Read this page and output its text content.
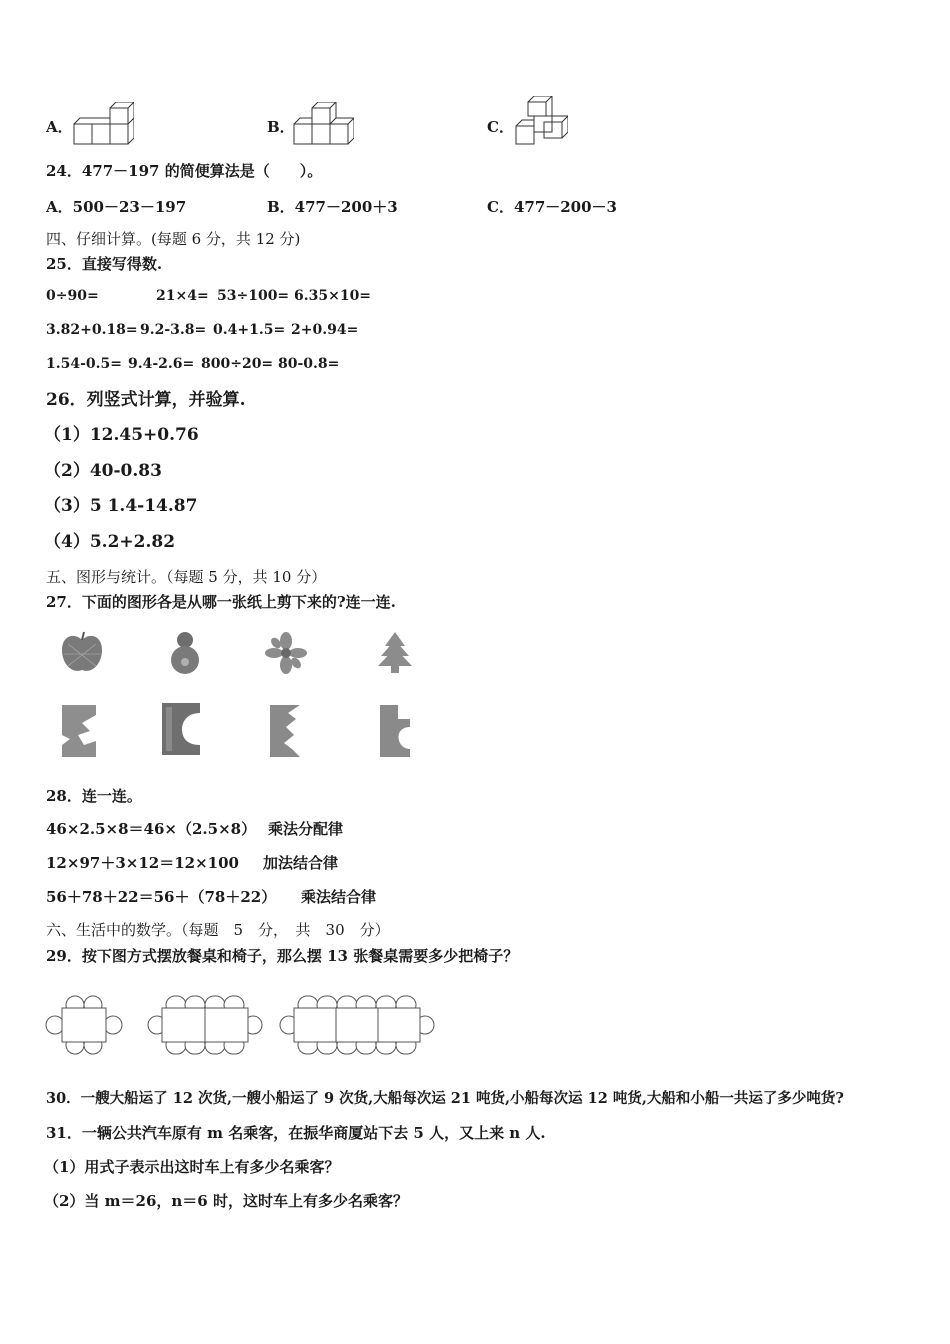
A．	B．	C．
24．477－197 的简便算法是（　　）。
A．500－23－197	B．477－200＋3	C．477－200－3
四、仔细计算。(每题 6 分，共 12 分)
25．直接写得数.
0÷90=	21×4= 53÷100= 6.35×10=
3.82+0.18= 9.2-3.8= 0.4+1.5= 2+0.94=
1.54-0.5= 9.4-2.6= 800÷20= 80-0.8=
26．列竖式计算，并验算.
（1）12.45+0.76
（2）40-0.83
（3）5 1.4-14.87
（4）5.2+2.82
五、图形与统计。（每题 5 分，共 10 分）
27．下面的图形各是从哪一张纸上剪下来的?连一连.
28．连一连。
46×2.5×8＝46×（2.5×8） 乘法分配律
12×97＋3×12＝12×100 加法结合律
56＋78＋22＝56＋（78＋22） 乘法结合律
六、生活中的数学。（每题　5　分，　共　30　分）
29．按下图方式摆放餐桌和椅子，那么摆 13 张餐桌需要多少把椅子？
30．一艘大船运了 12 次货,一艘小船运了 9 次货,大船每次运 21 吨货,小船每次运 12 吨货,大船和小船一共运了多少吨货?
31．一辆公共汽车原有 m 名乘客，在振华商厦站下去 5 人，又上来 n 人.
（1）用式子表示出这时车上有多少名乘客？
（2）当 m＝26，n＝6 时，这时车上有多少名乘客？
